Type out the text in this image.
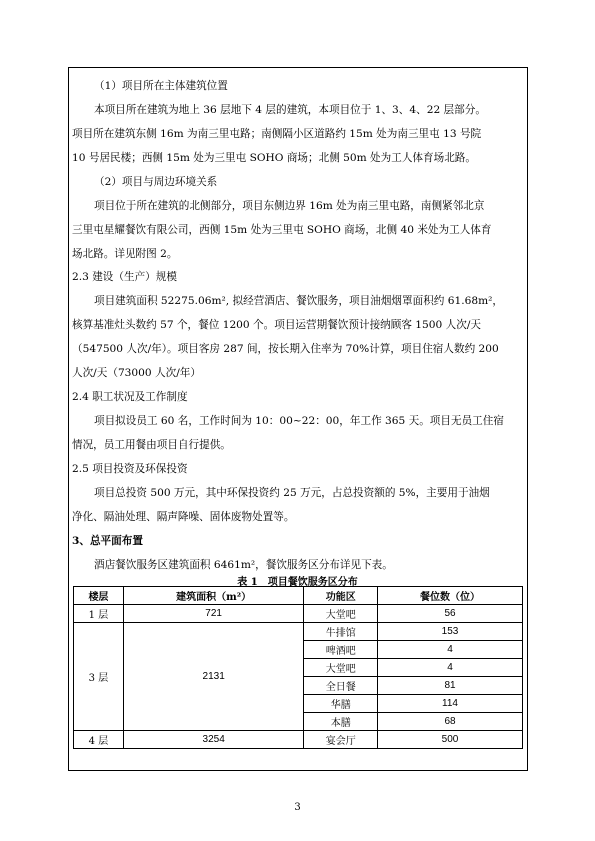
（1）项目所在主体建筑位置
本项目所在建筑为地上 36 层地下 4 层的建筑，本项目位于 1、3、4、22 层部分。
项目所在建筑东侧 16m 为南三里屯路；南侧隔小区道路约 15m 处为南三里屯 13 号院
10 号居民楼；西侧 15m 处为三里屯 SOHO 商场；北侧 50m 处为工人体育场北路。
（2）项目与周边环境关系
项目位于所在建筑的北侧部分，项目东侧边界 16m 处为南三里屯路，南侧紧邻北京
三里屯星耀餐饮有限公司，西侧 15m 处为三里屯 SOHO 商场，北侧 40 米处为工人体育
场北路。详见附图 2。
2.3 建设（生产）规模
项目建筑面积 52275.06m², 拟经营酒店、餐饮服务，项目油烟烟罩面积约 61.68m²，
核算基准灶头数约 57 个，餐位 1200 个。项目运营期餐饮预计接纳顾客 1500 人次/天
（547500 人次/年）。项目客房 287 间，按长期入住率为 70%计算，项目住宿人数约 200
人次/天（73000 人次/年）
2.4 职工状况及工作制度
项目拟设员工 60 名，工作时间为 10：00~22：00，年工作 365 天。项目无员工住宿
情况，员工用餐由项目自行提供。
2.5 项目投资及环保投资
项目总投资 500 万元，其中环保投资约 25 万元，占总投资额的 5%，主要用于油烟
净化、隔油处理、隔声降噪、固体废物处置等。
3、总平面布置
酒店餐饮服务区建筑面积 6461m²，餐饮服务区分布详见下表。
表 1　项目餐饮服务区分布
楼层	建筑面积（m²）	功能区	餐位数（位）
1 层	721	大堂吧	56
3 层	2131	牛排馆	153
		啤酒吧	4
		大堂吧	4
		全日餐	81
		华膳	114
		本膳	68
4 层	3254	宴会厅	500
3
